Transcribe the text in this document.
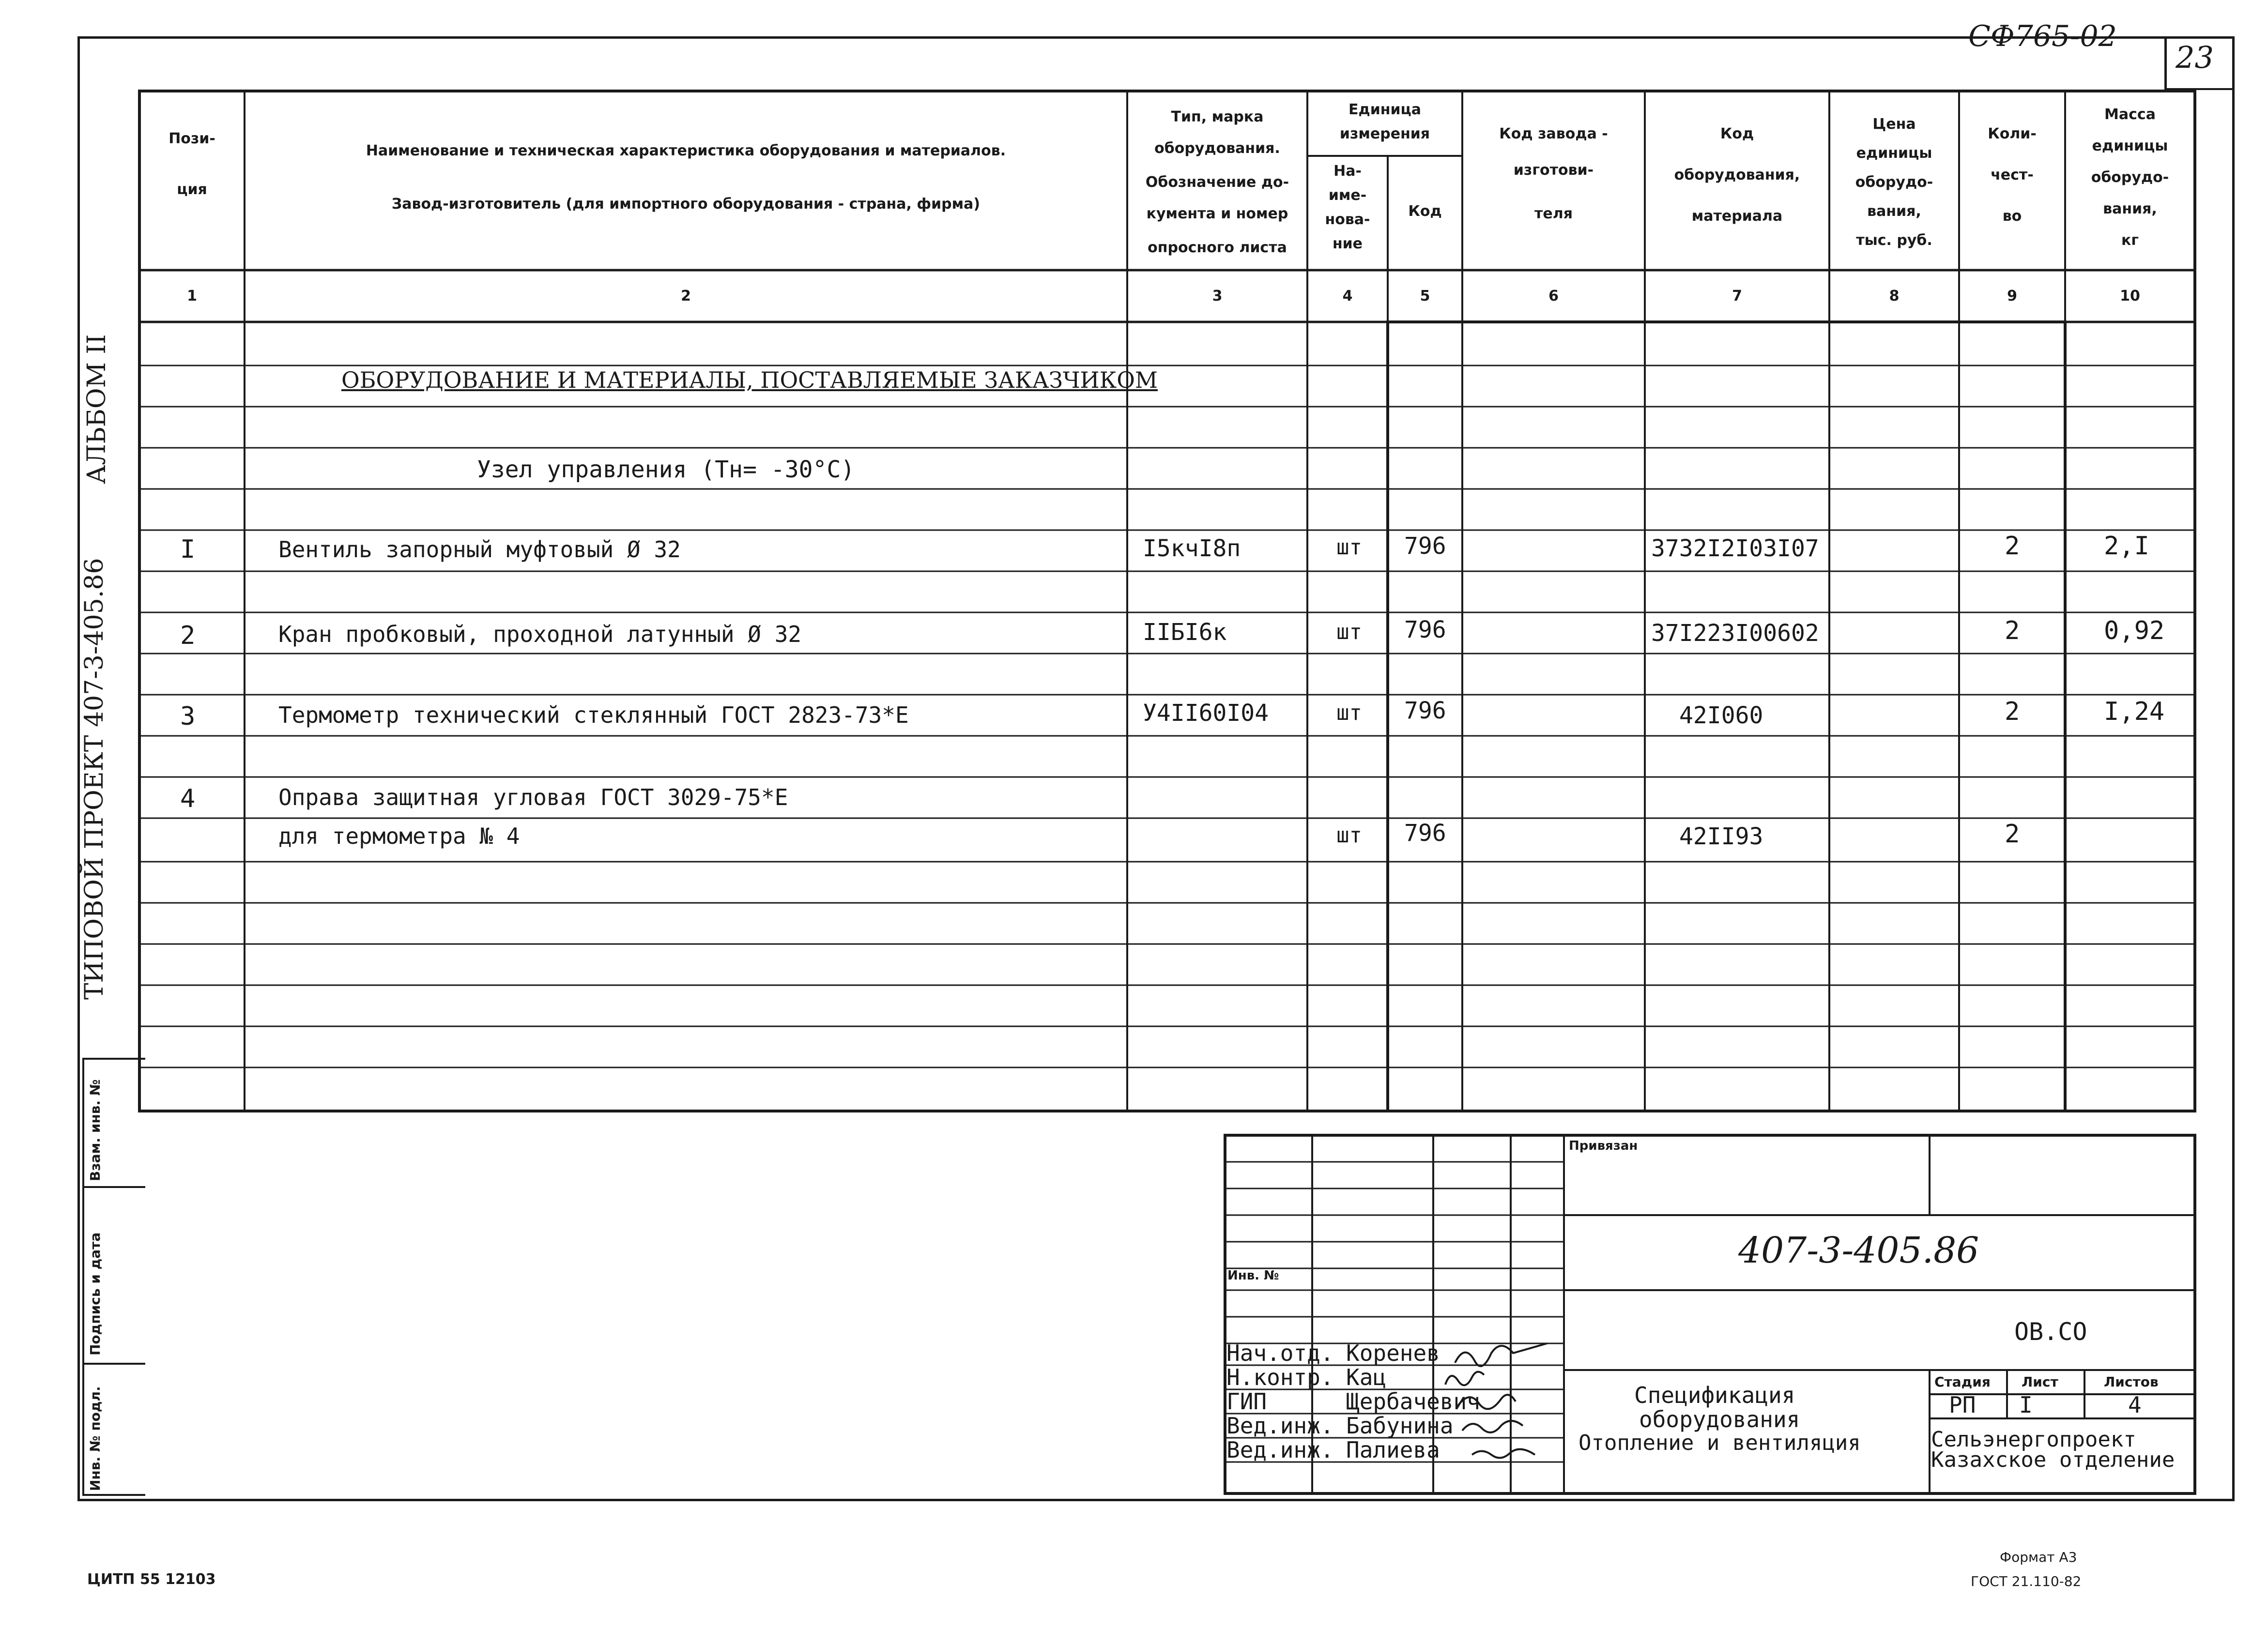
СФ765-02
23
АЛЬБОМ II
ТИПОВОЙ ПРОЕКТ 407-3-405.86
Взам. инв. №
Подпись и дата
Инв. № подл.
Пози-
ция
Наименование и техническая характеристика оборудования и материалов.
Завод-изготовитель (для импортного оборудования - страна, фирма)
Тип, марка
оборудования.
Обозначение до-
кумента и номер
опросного листа
Единица
измерения
На-
име-
нова-
ние
Код
Код завода -
изготови-
теля
Код
оборудования,
материала
Цена
единицы
оборудо-
вания,
тыс. руб.
Коли-
чест-
во
Масса
единицы
оборудо-
вания,
кг
1	2	3	4	5	6	7	8	9	10
ОБОРУДОВАНИЕ И МАТЕРИАЛЫ, ПОСТАВЛЯЕМЫЕ ЗАКАЗЧИКОМ
Узел управления (Тн= -30°С)
I	Вентиль запорный муфтовый Ø 32	I5кчI8п	шт 796	3732I2I03I07	2	2,I
2	Кран пробковый, проходной латунный Ø 32	IIБI6к	шт 796	37I223I00602	2	0,92
3	Термометр технический стеклянный ГОСТ 2823-73*Е	У4II60I04	шт 796	42I060	2	I,24
4	Оправа защитная угловая ГОСТ 3029-75*Е
для термометра № 4	шт 796	42II93	2
Привязан
Инв. №
407-3-405.86
ОВ.СО
Нач.отд. Коренев
Н.контр. Кац
ГИП	Щербачевич
Вед.инж. Бабунина
Вед.инж. Палиева
Спецификация
оборудования
Отопление и вентиляция
Стадия Лист	Листов
РП I	4
Сельэнергопроект
Казахское отделение
ЦИТП 55 12103
Формат А3
ГОСТ 21.110-82
